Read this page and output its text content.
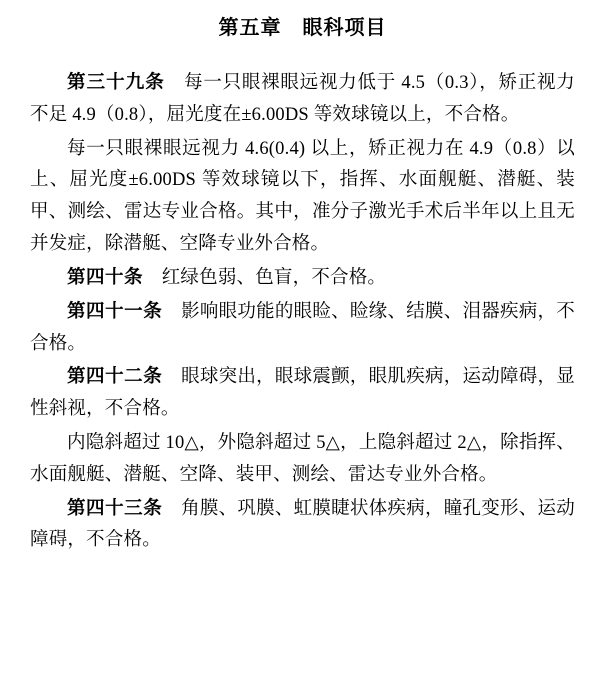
第五章　眼科项目

第三十九条　每一只眼裸眼远视力低于 4.5（0.3），矫正视力不足 4.9（0.8），屈光度在±6.00DS 等效球镜以上，不合格。

每一只眼裸眼远视力 4.6(0.4) 以上，矫正视力在 4.9（0.8）以上、屈光度±6.00DS 等效球镜以下，指挥、水面舰艇、潜艇、装甲、测绘、雷达专业合格。其中，准分子激光手术后半年以上且无并发症，除潜艇、空降专业外合格。

第四十条　红绿色弱、色盲，不合格。

第四十一条　影响眼功能的眼睑、睑缘、结膜、泪器疾病，不合格。

第四十二条　眼球突出，眼球震颤，眼肌疾病，运动障碍，显性斜视，不合格。

内隐斜超过 10△，外隐斜超过 5△，上隐斜超过 2△，除指挥、水面舰艇、潜艇、空降、装甲、测绘、雷达专业外合格。

第四十三条　角膜、巩膜、虹膜睫状体疾病，瞳孔变形、运动障碍，不合格。
